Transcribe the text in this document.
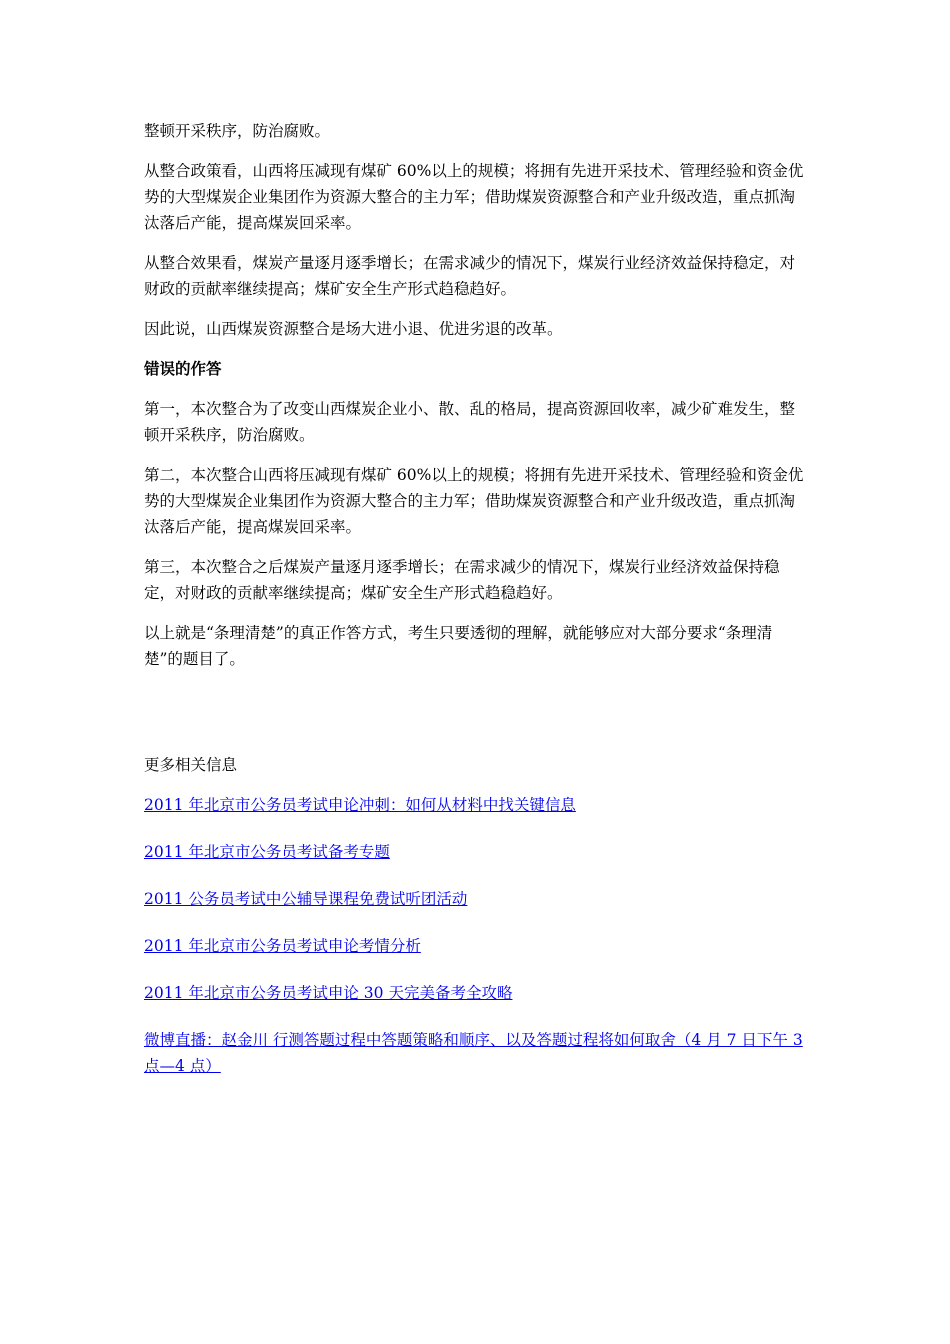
整顿开采秩序，防治腐败。

从整合政策看，山西将压减现有煤矿 60%以上的规模；将拥有先进开采技术、管理经验和资金优势的大型煤炭企业集团作为资源大整合的主力军；借助煤炭资源整合和产业升级改造，重点抓淘汰落后产能，提高煤炭回采率。

从整合效果看，煤炭产量逐月逐季增长；在需求减少的情况下，煤炭行业经济效益保持稳定，对财政的贡献率继续提高；煤矿安全生产形式趋稳趋好。

因此说，山西煤炭资源整合是场大进小退、优进劣退的改革。

错误的作答

第一，本次整合为了改变山西煤炭企业小、散、乱的格局，提高资源回收率，减少矿难发生，整顿开采秩序，防治腐败。

第二，本次整合山西将压减现有煤矿 60%以上的规模；将拥有先进开采技术、管理经验和资金优势的大型煤炭企业集团作为资源大整合的主力军；借助煤炭资源整合和产业升级改造，重点抓淘汰落后产能，提高煤炭回采率。

第三，本次整合之后煤炭产量逐月逐季增长；在需求减少的情况下，煤炭行业经济效益保持稳定，对财政的贡献率继续提高；煤矿安全生产形式趋稳趋好。

以上就是“条理清楚”的真正作答方式，考生只要透彻的理解，就能够应对大部分要求“条理清楚”的题目了。

更多相关信息

2011 年北京市公务员考试申论冲刺：如何从材料中找关键信息
2011 年北京市公务员考试备考专题
2011 公务员考试中公辅导课程免费试听团活动
2011 年北京市公务员考试申论考情分析
2011 年北京市公务员考试申论 30 天完美备考全攻略
微博直播：赵金川 行测答题过程中答题策略和顺序、以及答题过程将如何取舍（4 月 7 日下午 3 点—4 点）
